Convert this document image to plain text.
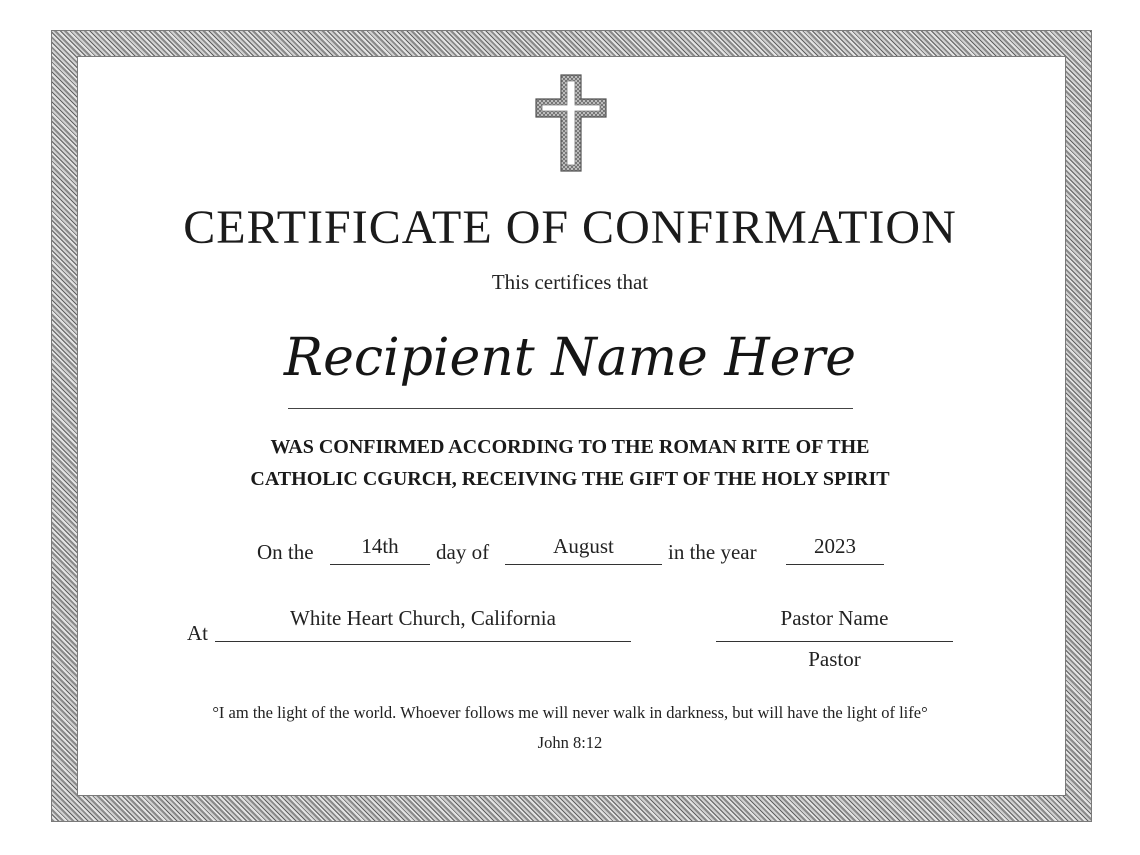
CERTIFICATE OF CONFIRMATION
This certifices that
Recipient Name Here
WAS CONFIRMED ACCORDING TO THE ROMAN RITE OF THE
CATHOLIC CGURCH, RECEIVING THE GIFT OF THE HOLY SPIRIT
On the	14th	day of	August	in the year	2023
At
White Heart Church, California	Pastor Name
Pastor
°I am the light of the world. Whoever follows me will never walk in darkness, but will have the light of life°
John 8:12
